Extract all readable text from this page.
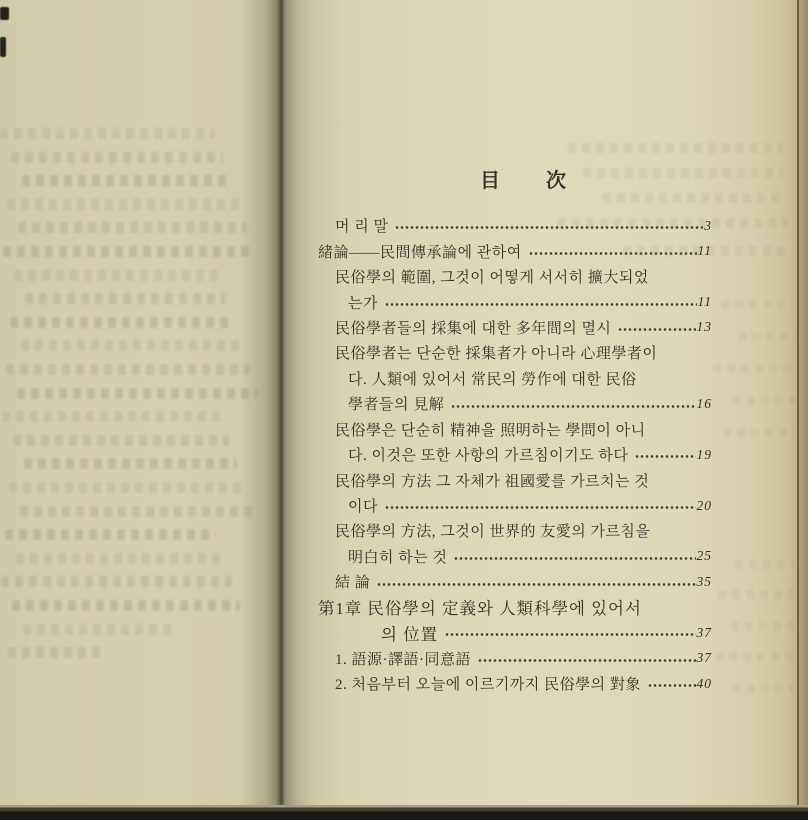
目次
머 리 말	3
緒論——民間傳承論에 관하여	11
民俗學의 範圍, 그것이 어떻게 서서히 擴大되었
는가	11
民俗學者들의 採集에 대한 多年間의 멸시	13
民俗學者는 단순한 採集者가 아니라 心理學者이
다. 人類에 있어서 常民의 勞作에 대한 民俗
學者들의 見解	16
民俗學은 단순히 精神을 照明하는 學問이 아니
다. 이것은 또한 사항의 가르침이기도 하다	19
民俗學의 方法 그 자체가 祖國愛를 가르치는 것
이다	20
民俗學의 方法, 그것이 世界的 友愛의 가르침을
明白히 하는 것	25
結 論	35
第1章 民俗學의 定義와 人類科學에 있어서
의 位置	37
1. 語源·譯語·同意語	37
2. 처음부터 오늘에 이르기까지 民俗學의 對象	40
